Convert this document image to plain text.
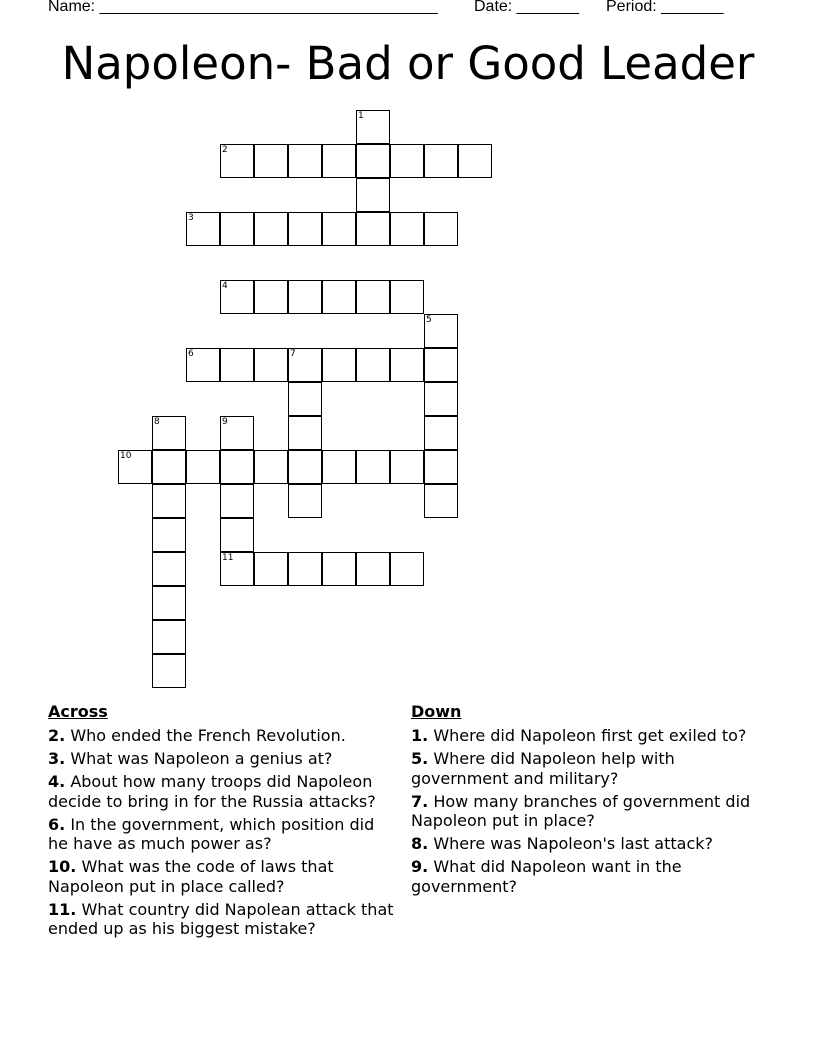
Name: ______________________________________ Date: _______ Period: _______
Napoleon- Bad or Good Leader
1
2
3
4
5
6	7
8	9
10
11
Across
2. Who ended the French Revolution.
3. What was Napoleon a genius at?
4. About how many troops did Napoleon decide to bring in for the Russia attacks?
6. In the government, which position did he have as much power as?
10. What was the code of laws that Napoleon put in place called?
11. What country did Napolean attack that ended up as his biggest mistake?
Down
1. Where did Napoleon first get exiled to?
5. Where did Napoleon help with government and military?
7. How many branches of government did Napoleon put in place?
8. Where was Napoleon's last attack?
9. What did Napoleon want in the government?
